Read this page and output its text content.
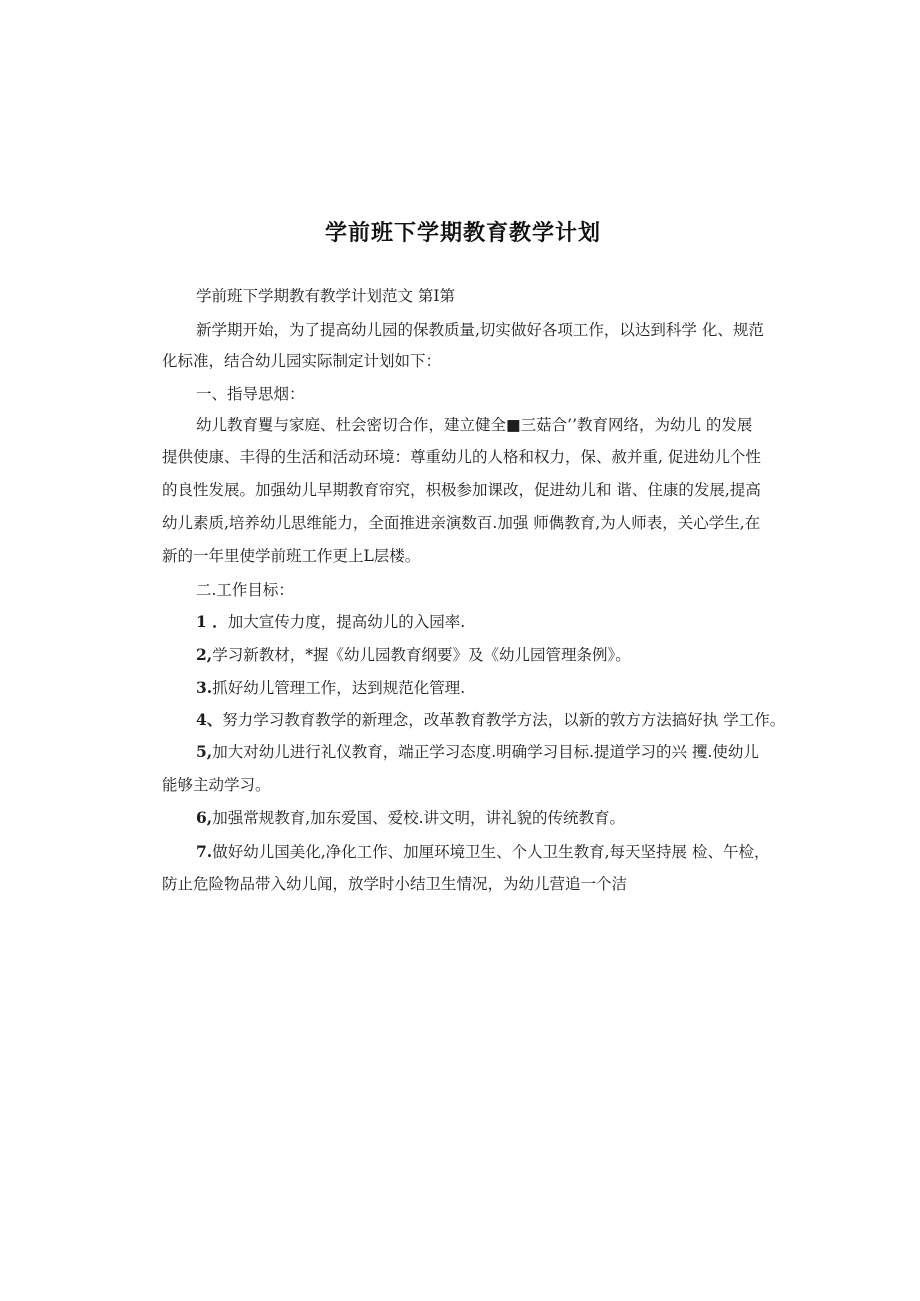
学前班下学期教育教学计划
学前班下学期教有教学计划范文 第I第
新学期开始，为了提高幼儿园的保教质量,切实做好各项工作，以达到科学 化、规范
化标准，结合幼儿园实际制定计划如下：
一、指导思烟：
幼儿教育矍与家庭、杜会密切合作，建立健全■三菇合’’教育网络，为幼儿 的发展
提供使康、丰得的生活和活动环境：尊重幼儿的人格和权力，保、赦并重, 促进幼儿个性
的良性发展。加强幼儿早期教育帘究，枳极参加课改，促进幼儿和 谐、住康的发展,提高
幼儿素质,培养幼儿思维能力，全面推进亲演数百.加强 师儁教育,为人师表，关心学生,在
新的一年里使学前班工作更上L层楼。
二.工作目标：
1 ．加大宣传力度，提高幼儿的入园率.
2,学习新教材，*握《幼儿园教育纲要》及《幼儿园管理条例》。
3.抓好幼儿管理工作，达到规范化管理.
4、努力学习教育教学的新理念，改革教育教学方法，以新的敦方方法搞好执 学工作。
5,加大对幼儿进行礼仪教育，端正学习态度.明确学习目标.提道学习的兴 攫.使幼儿
能够主动学习。
6,加强常规教育,加东爱国、爱校.讲文明，讲礼貌的传统教育。
7.做好幼儿国美化,净化工作、加厘环境卫生、个人卫生教育,每天坚持展 检、午检，
防止危险物品带入幼儿闻，放学时小结卫生情况，为幼儿营追一个洁
